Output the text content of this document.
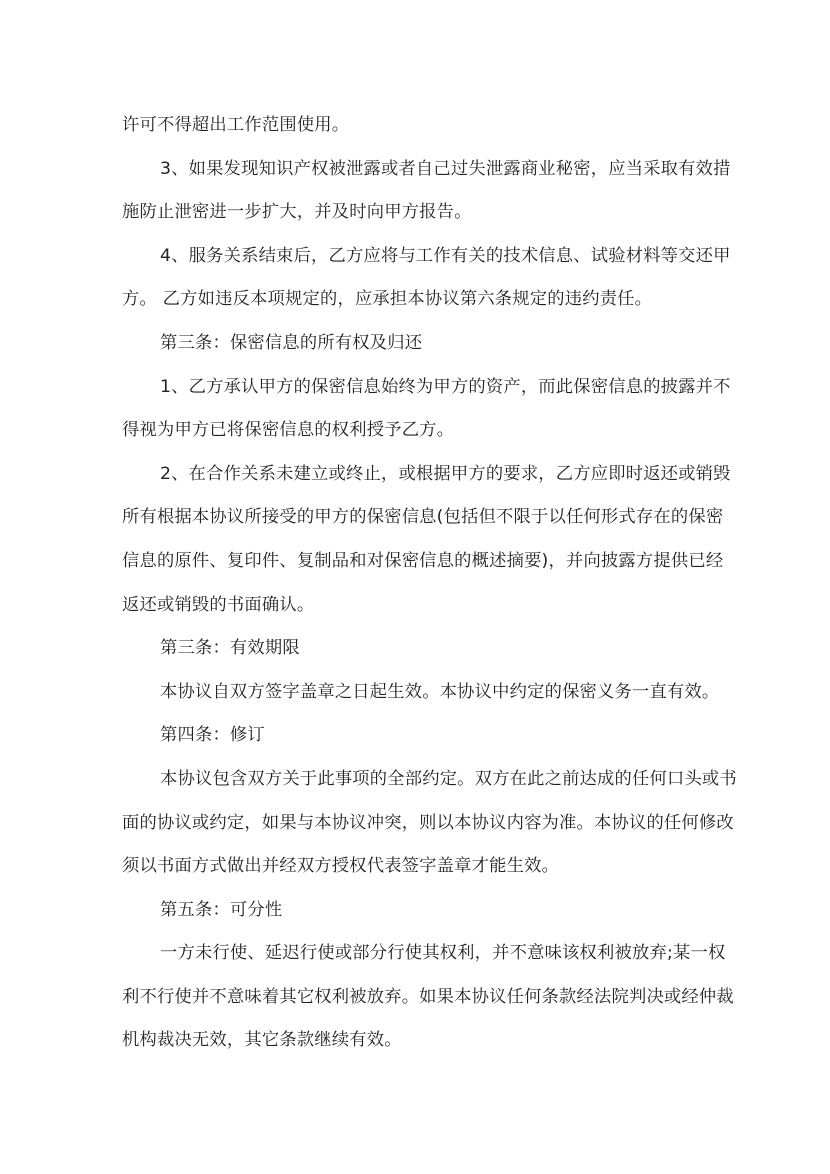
许可不得超出工作范围使用。
3、如果发现知识产权被泄露或者自己过失泄露商业秘密，应当采取有效措
施防止泄密进一步扩大，并及时向甲方报告。
4、服务关系结束后，乙方应将与工作有关的技术信息、试验材料等交还甲
方。 乙方如违反本项规定的，应承担本协议第六条规定的违约责任。
第三条：保密信息的所有权及归还
1、乙方承认甲方的保密信息始终为甲方的资产，而此保密信息的披露并不
得视为甲方已将保密信息的权利授予乙方。
2、在合作关系未建立或终止，或根据甲方的要求，乙方应即时返还或销毁
所有根据本协议所接受的甲方的保密信息(包括但不限于以任何形式存在的保密
信息的原件、复印件、复制品和对保密信息的概述摘要)，并向披露方提供已经
返还或销毁的书面确认。
第三条：有效期限
本协议自双方签字盖章之日起生效。本协议中约定的保密义务一直有效。
第四条：修订
本协议包含双方关于此事项的全部约定。双方在此之前达成的任何口头或书
面的协议或约定，如果与本协议冲突，则以本协议内容为准。本协议的任何修改
须以书面方式做出并经双方授权代表签字盖章才能生效。
第五条：可分性
一方未行使、延迟行使或部分行使其权利，并不意味该权利被放弃;某一权
利不行使并不意味着其它权利被放弃。如果本协议任何条款经法院判决或经仲裁
机构裁决无效，其它条款继续有效。
